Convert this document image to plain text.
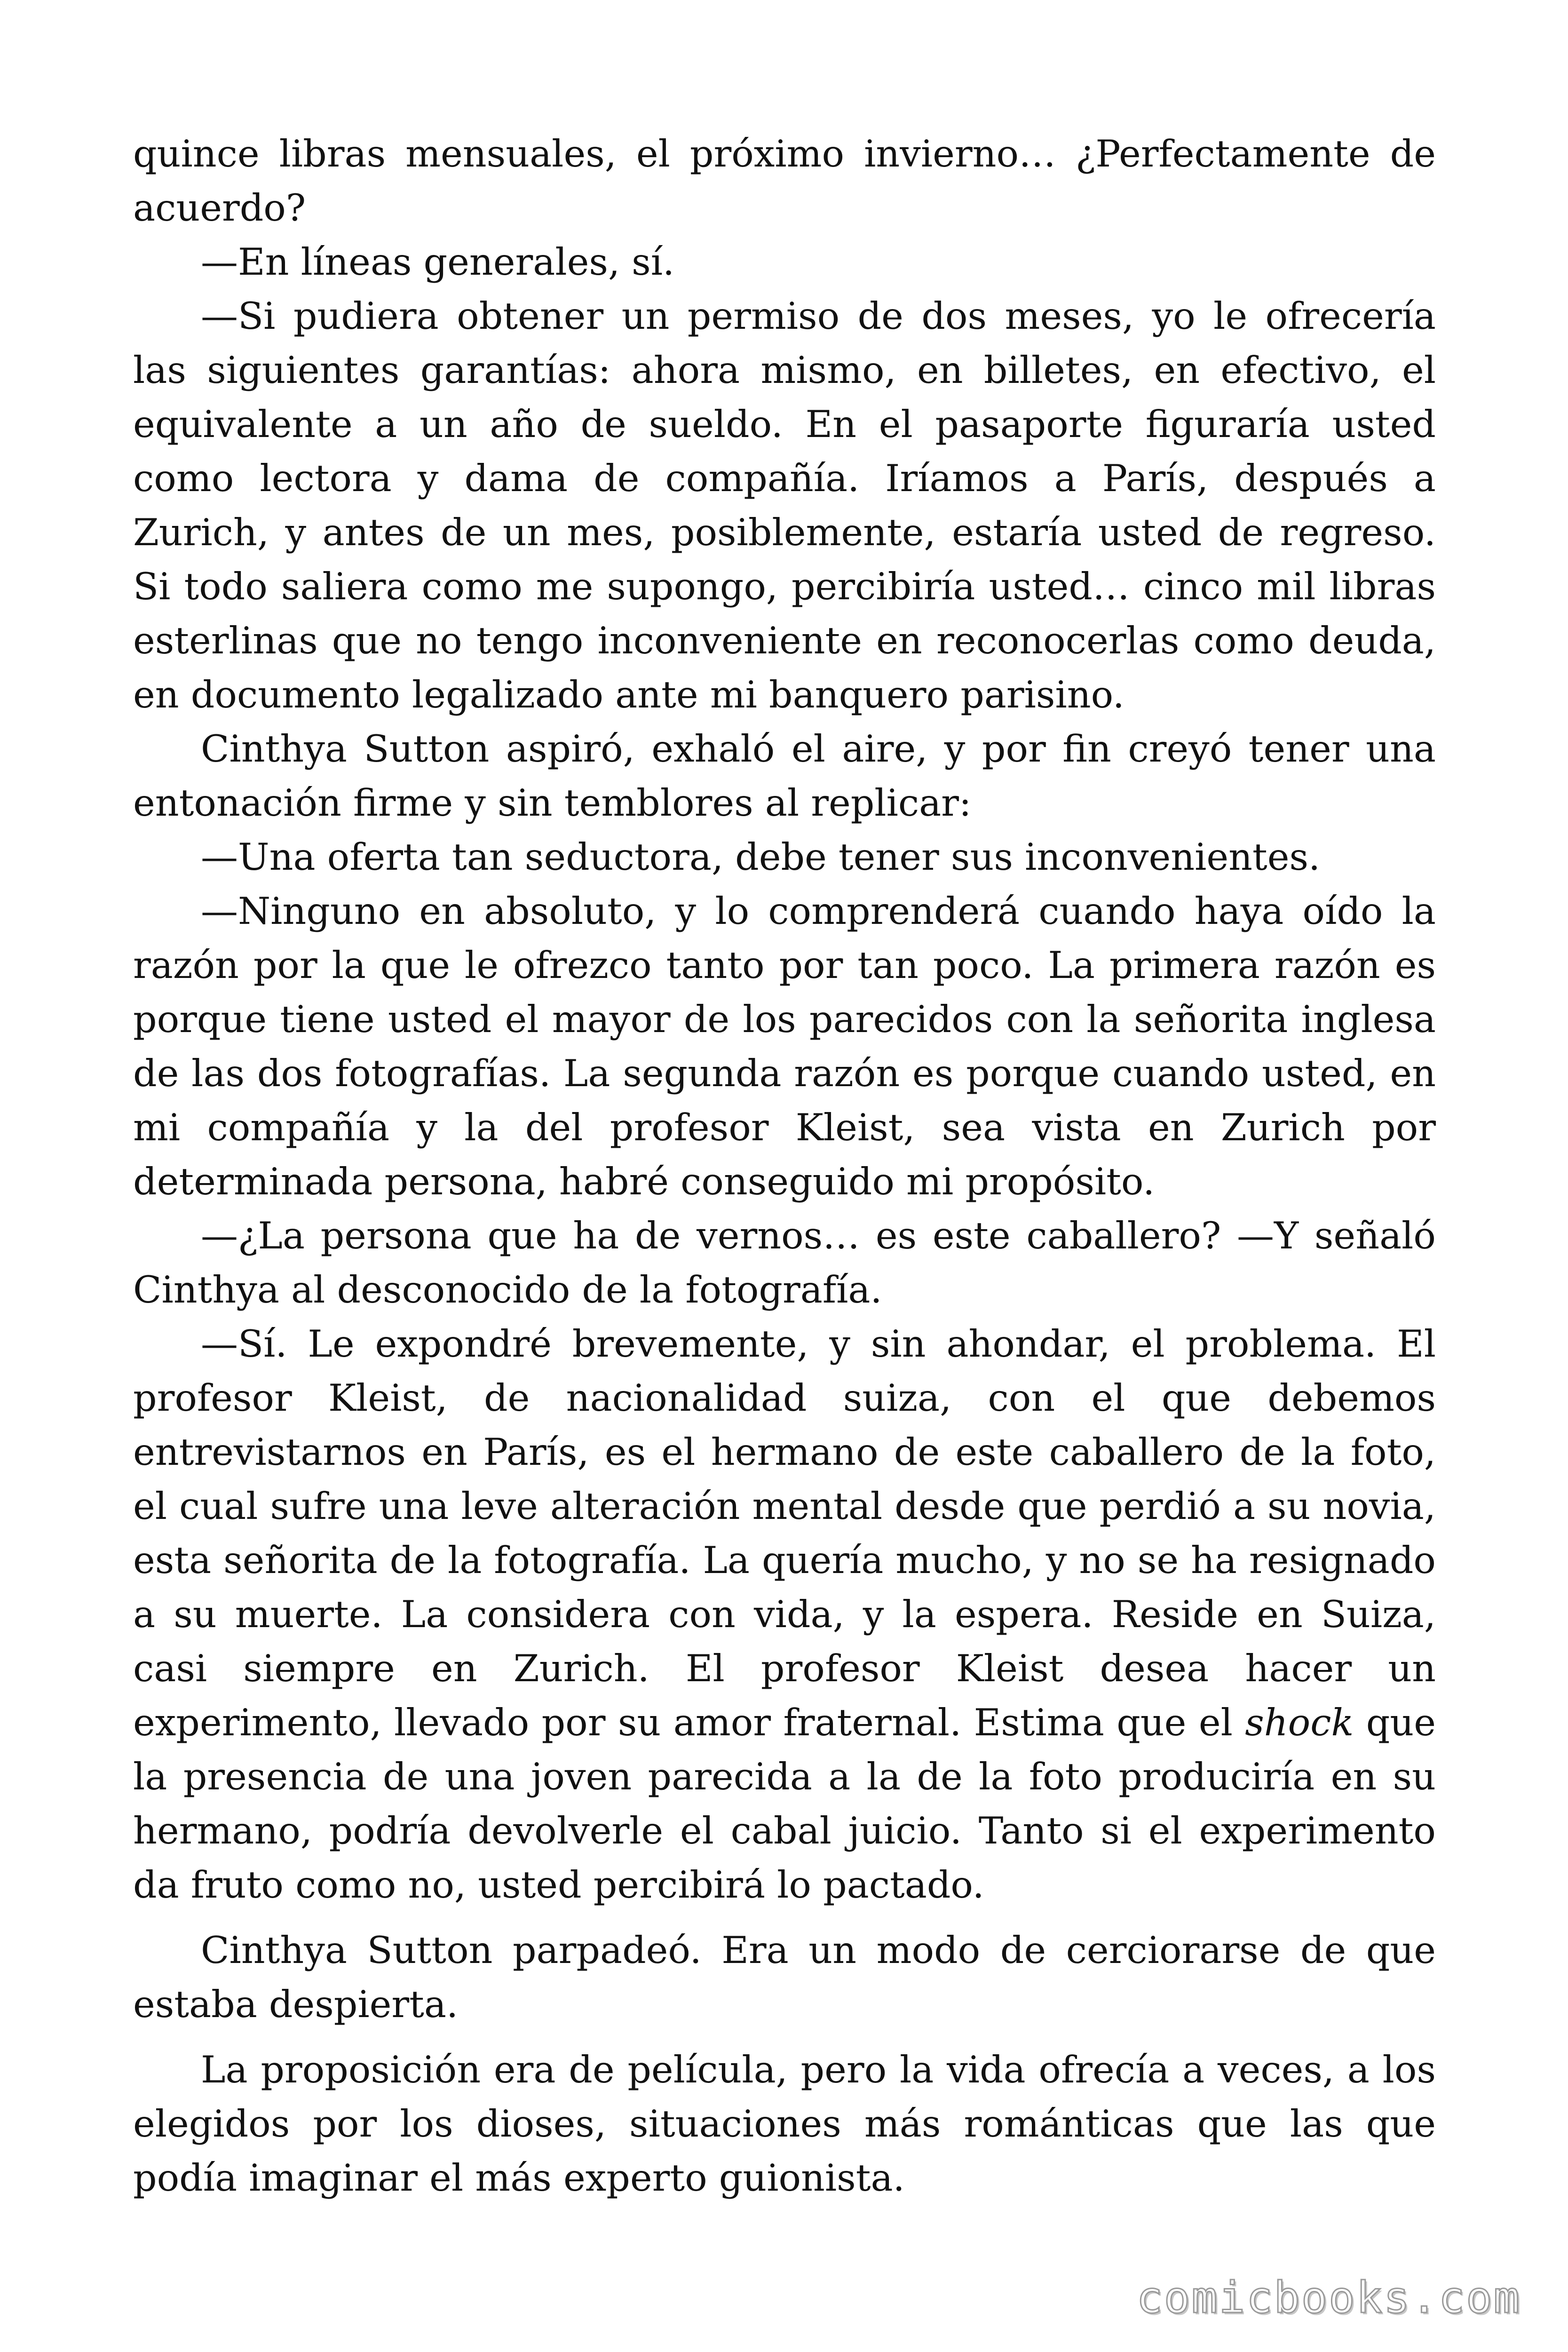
quince libras mensuales, el próximo invierno… ¿Perfectamente de acuerdo?

—En líneas generales, sí.

—Si pudiera obtener un permiso de dos meses, yo le ofrecería las siguientes garantías: ahora mismo, en billetes, en efectivo, el equivalente a un año de sueldo. En el pasaporte figuraría usted como lectora y dama de compañía. Iríamos a París, después a Zurich, y antes de un mes, posiblemente, estaría usted de regreso. Si todo saliera como me supongo, percibiría usted… cinco mil libras esterlinas que no tengo inconveniente en reconocerlas como deuda, en documento legalizado ante mi banquero parisino.

Cinthya Sutton aspiró, exhaló el aire, y por fin creyó tener una entonación firme y sin temblores al replicar:

—Una oferta tan seductora, debe tener sus inconvenientes.

—Ninguno en absoluto, y lo comprenderá cuando haya oído la razón por la que le ofrezco tanto por tan poco. La primera razón es porque tiene usted el mayor de los parecidos con la señorita inglesa de las dos fotografías. La segunda razón es porque cuando usted, en mi compañía y la del profesor Kleist, sea vista en Zurich por determinada persona, habré conseguido mi propósito.

—¿La persona que ha de vernos… es este caballero? —Y señaló Cinthya al desconocido de la fotografía.

—Sí. Le expondré brevemente, y sin ahondar, el problema. El profesor Kleist, de nacionalidad suiza, con el que debemos entrevistarnos en París, es el hermano de este caballero de la foto, el cual sufre una leve alteración mental desde que perdió a su novia, esta señorita de la fotografía. La quería mucho, y no se ha resignado a su muerte. La considera con vida, y la espera. Reside en Suiza, casi siempre en Zurich. El profesor Kleist desea hacer un experimento, llevado por su amor fraternal. Estima que el shock que la presencia de una joven parecida a la de la foto produciría en su hermano, podría devolverle el cabal juicio. Tanto si el experimento da fruto como no, usted percibirá lo pactado.

Cinthya Sutton parpadeó. Era un modo de cerciorarse de que estaba despierta.

La proposición era de película, pero la vida ofrecía a veces, a los elegidos por los dioses, situaciones más románticas que las que podía imaginar el más experto guionista.

comicbooks.com
